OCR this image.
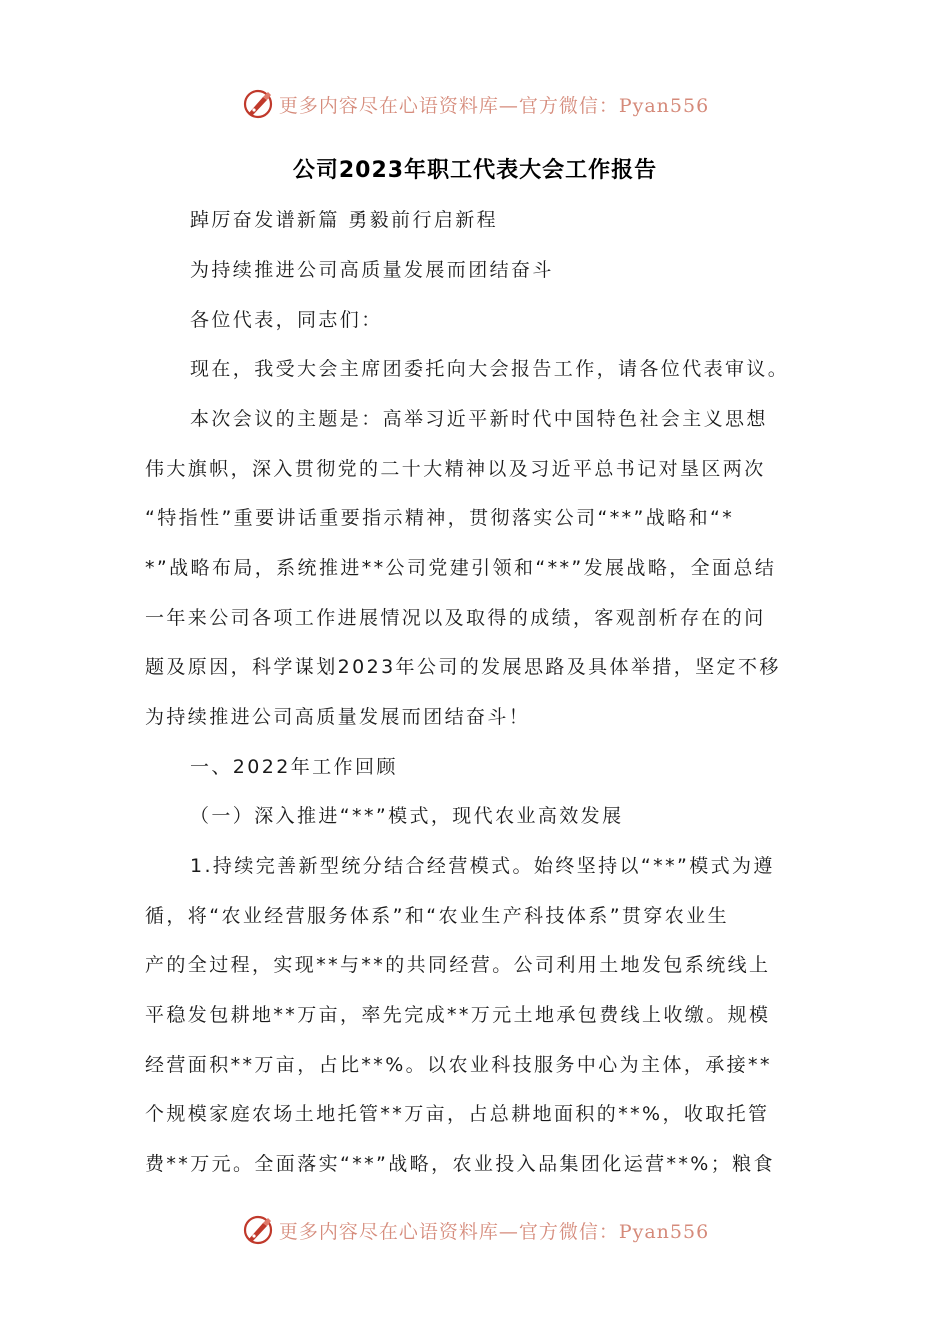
更多内容尽在心语资料库—官方微信：Pyan556
公司2023年职工代表大会工作报告
踔厉奋发谱新篇 勇毅前行启新程
为持续推进公司高质量发展而团结奋斗
各位代表，同志们：
现在，我受大会主席团委托向大会报告工作，请各位代表审议。
本次会议的主题是：高举习近平新时代中国特色社会主义思想
伟大旗帜，深入贯彻党的二十大精神以及习近平总书记对垦区两次
“特指性”重要讲话重要指示精神，贯彻落实公司“**”战略和“*
*”战略布局，系统推进**公司党建引领和“**”发展战略，全面总结
一年来公司各项工作进展情况以及取得的成绩，客观剖析存在的问
题及原因，科学谋划2023年公司的发展思路及具体举措，坚定不移
为持续推进公司高质量发展而团结奋斗！
一、2022年工作回顾
（一）深入推进“**”模式，现代农业高效发展
1.持续完善新型统分结合经营模式。始终坚持以“**”模式为遵
循，将“农业经营服务体系”和“农业生产科技体系”贯穿农业生
产的全过程，实现**与**的共同经营。公司利用土地发包系统线上
平稳发包耕地**万亩，率先完成**万元土地承包费线上收缴。规模
经营面积**万亩，占比**%。以农业科技服务中心为主体，承接**
个规模家庭农场土地托管**万亩，占总耕地面积的**%，收取托管
费**万元。全面落实“**”战略，农业投入品集团化运营**%；粮食
更多内容尽在心语资料库—官方微信：Pyan556
